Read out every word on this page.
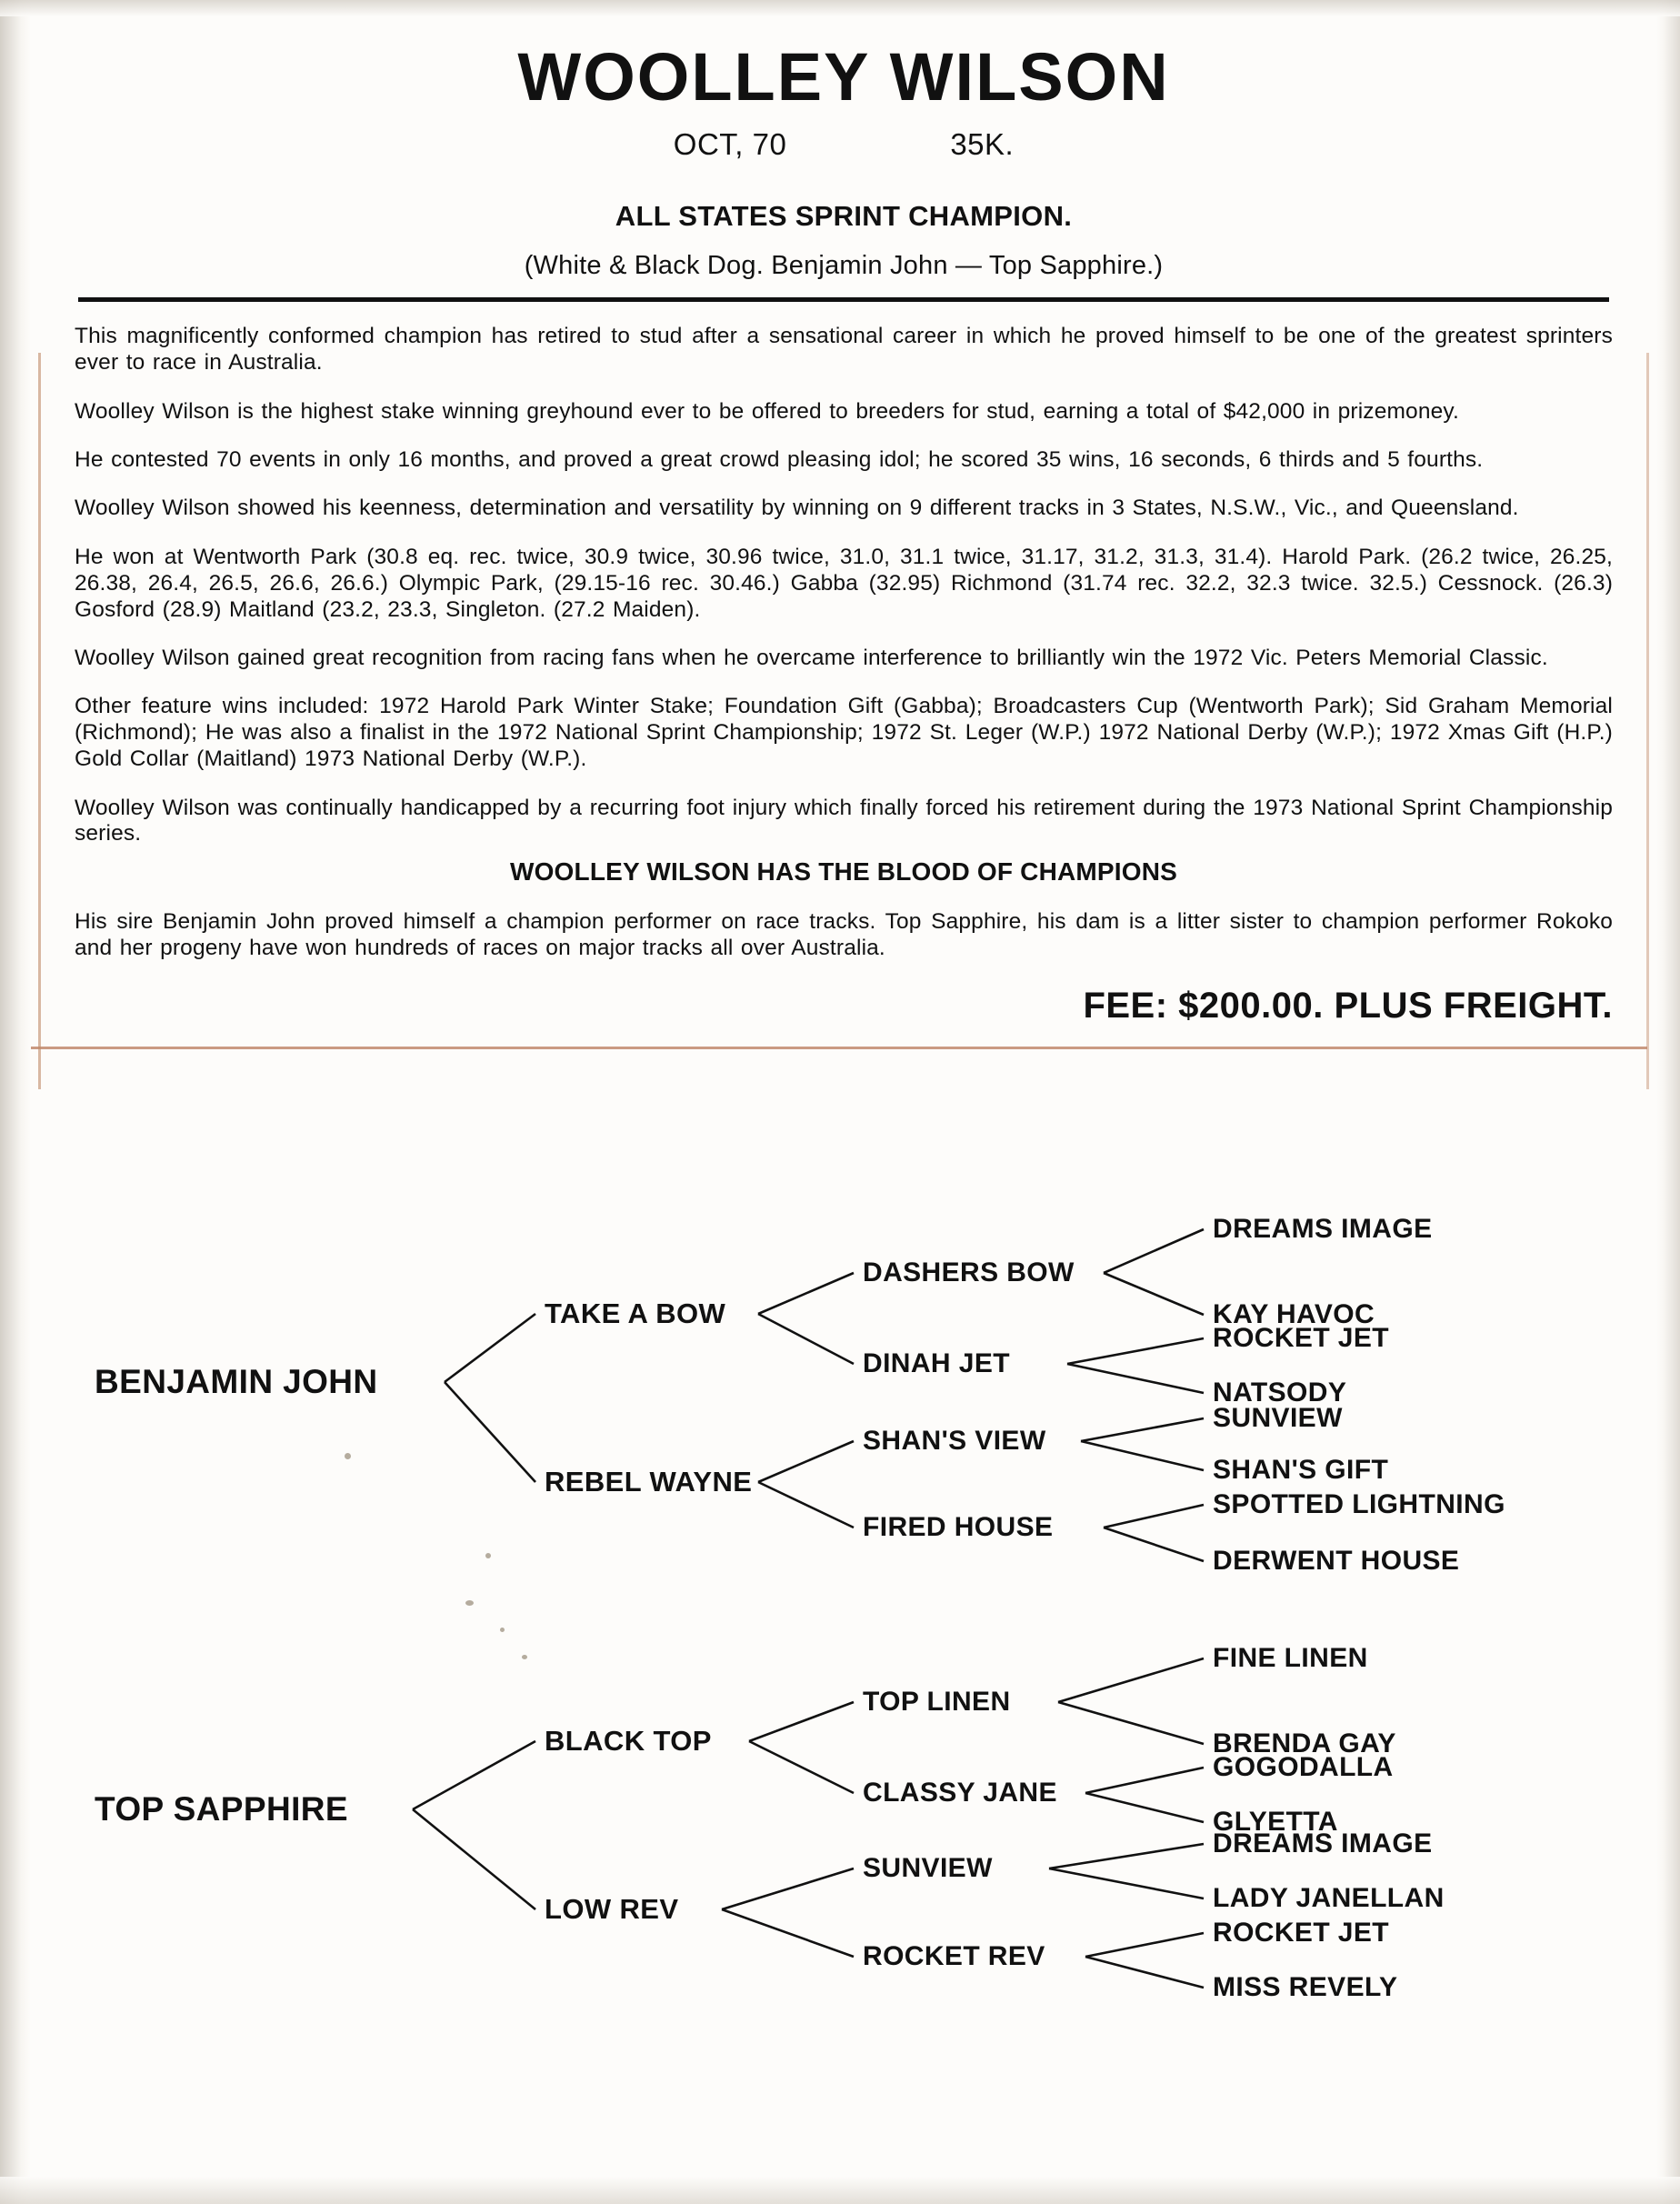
WOOLLEY WILSON
OCT, 70	35K.
ALL STATES SPRINT CHAMPION.
(White & Black Dog. Benjamin John — Top Sapphire.)

This magnificently conformed champion has retired to stud after a sensational career in which he proved himself to be one of the greatest sprinters ever to race in Australia.

Woolley Wilson is the highest stake winning greyhound ever to be offered to breeders for stud, earning a total of $42,000 in prizemoney.

He contested 70 events in only 16 months, and proved a great crowd pleasing idol; he scored 35 wins, 16 seconds, 6 thirds and 5 fourths.

Woolley Wilson showed his keenness, determination and versatility by winning on 9 different tracks in 3 States, N.S.W., Vic., and Queensland.

He won at Wentworth Park (30.8 eq. rec. twice, 30.9 twice, 30.96 twice, 31.0, 31.1 twice, 31.17, 31.2, 31.3, 31.4). Harold Park. (26.2 twice, 26.25, 26.38, 26.4, 26.5, 26.6, 26.6.) Olympic Park, (29.15-16 rec. 30.46.) Gabba (32.95) Richmond (31.74 rec. 32.2, 32.3 twice. 32.5.) Cessnock. (26.3) Gosford (28.9) Maitland (23.2, 23.3, Singleton. (27.2 Maiden).

Woolley Wilson gained great recognition from racing fans when he overcame interference to brilliantly win the 1972 Vic. Peters Memorial Classic.

Other feature wins included: 1972 Harold Park Winter Stake; Foundation Gift (Gabba); Broadcasters Cup (Wentworth Park); Sid Graham Memorial (Richmond); He was also a finalist in the 1972 National Sprint Championship; 1972 St. Leger (W.P.) 1972 National Derby (W.P.); 1972 Xmas Gift (H.P.) Gold Collar (Maitland) 1973 National Derby (W.P.).

Woolley Wilson was continually handicapped by a recurring foot injury which finally forced his retirement during the 1973 National Sprint Championship series.

WOOLLEY WILSON HAS THE BLOOD OF CHAMPIONS

His sire Benjamin John proved himself a champion performer on race tracks. Top Sapphire, his dam is a litter sister to champion performer Rokoko and her progeny have won hundreds of races on major tracks all over Australia.

FEE: $200.00. PLUS FREIGHT.
BENJAMIN JOHN
TAKE A BOW
REBEL WAYNE
DASHERS BOW
DINAH JET
SHAN'S VIEW
FIRED HOUSE
DREAMS IMAGE
KAY HAVOC
ROCKET JET
NATSODY
SUNVIEW
SHAN'S GIFT
SPOTTED LIGHTNING
DERWENT HOUSE
TOP SAPPHIRE
BLACK TOP
LOW REV
TOP LINEN
CLASSY JANE
SUNVIEW
ROCKET REV
FINE LINEN
BRENDA GAY
GOGODALLA
GLYETTA
DREAMS IMAGE
LADY JANELLAN
ROCKET JET
MISS REVELY
